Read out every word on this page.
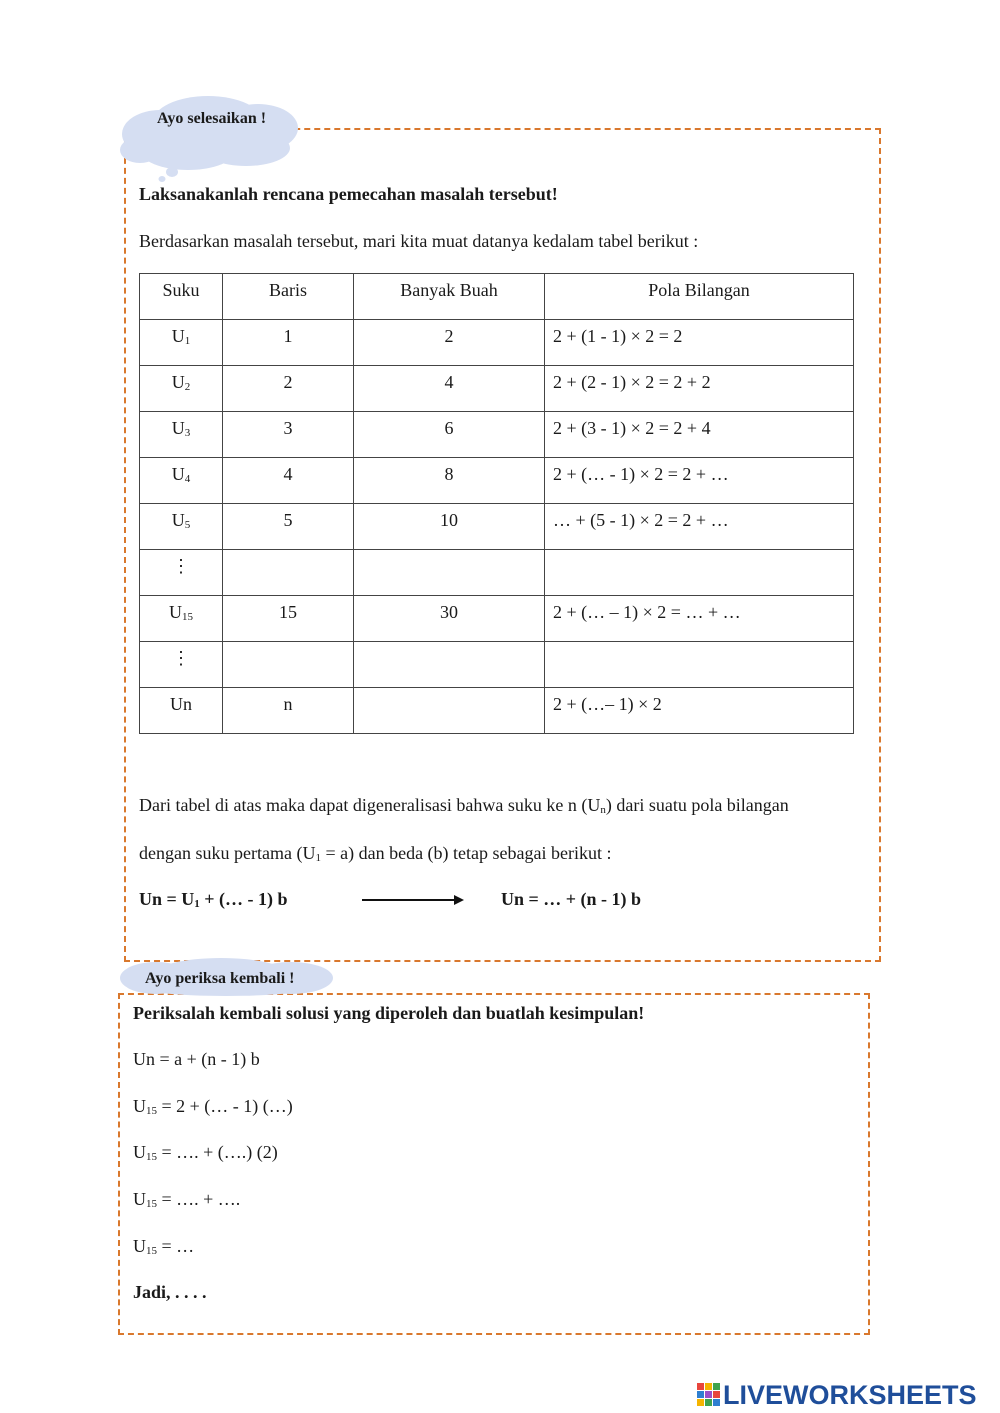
Ayo selesaikan !
Laksanakanlah rencana pemecahan masalah tersebut!
Berdasarkan masalah tersebut, mari kita muat datanya kedalam tabel berikut :
Suku	Baris	Banyak Buah	Pola Bilangan

$U_1$	1	2	2 + (1 - 1) × 2 = 2

$U_2$	2	4	2 + (2 - 1) × 2 = 2 + 2

$U_3$	3	6	2 + (3 - 1) × 2 = 2 + 4

$U_4$	4	8	2 + (… - 1) × 2 = 2 + …

$U_5$	5	10	… + (5 - 1) × 2 = 2 + …

⋮			

$U_{15}$	15	30	2 + (… – 1) × 2 = … + …

⋮			

Un	n		2 + (…– 1) × 2
Dari tabel di atas maka dapat digeneralisasi bahwa suku ke n $(U_n)$ dari suatu pola bilangan
dengan suku pertama $(U_1 = a)$ dan beda (b) tetap sebagai berikut :
$Un = U_1$ + (… - 1) b	Un = … + (n - 1) b
Ayo periksa kembali !
Periksalah kembali solusi yang diperoleh dan buatlah kesimpulan!
Un = a + (n - 1) b
$U_{15} = 2$ + (… - 1) (…)
$U_{15}$ = …. + (….) (2)
$U_{15}$ = …. + ….
$U_{15}$ = …
Jadi, . . . .
LIVEWORKSHEETS
